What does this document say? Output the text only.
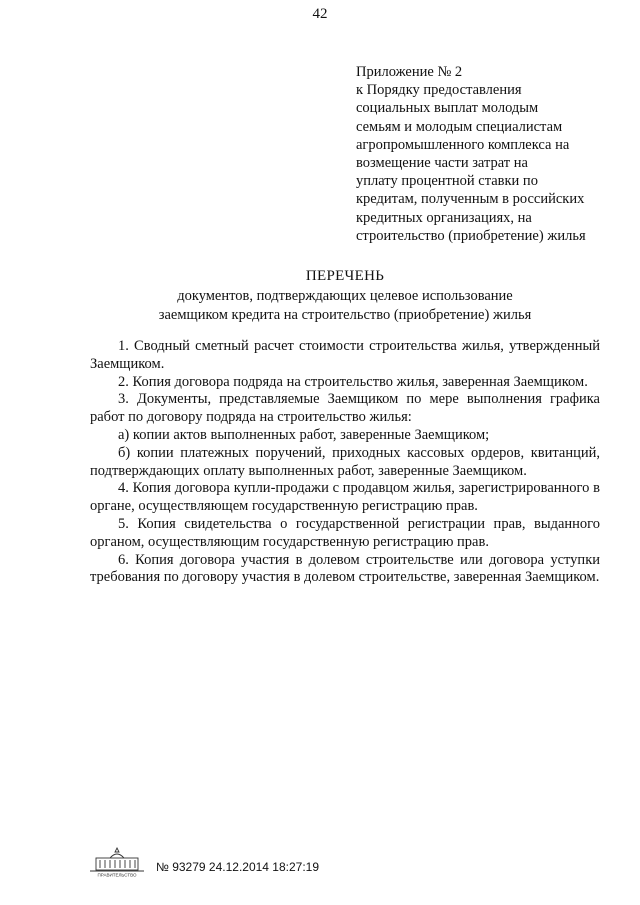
42
Приложение № 2
к Порядку предоставления
социальных выплат молодым
семьям и молодым специалистам
агропромышленного комплекса на
возмещение части затрат на
уплату процентной ставки по
кредитам, полученным в российских
кредитных организациях, на
строительство (приобретение) жилья
ПЕРЕЧЕНЬ
документов, подтверждающих целевое использование
заемщиком кредита на строительство (приобретение) жилья

1. Сводный сметный расчет стоимости строительства жилья, утвержденный Заемщиком.

2. Копия договора подряда на строительство жилья, заверенная Заемщиком.

3. Документы, представляемые Заемщиком по мере выполнения графика работ по договору подряда на строительство жилья:

а) копии актов выполненных работ, заверенные Заемщиком;

б) копии платежных поручений, приходных кассовых ордеров, квитанций, подтверждающих оплату выполненных работ, заверенные Заемщиком.

4. Копия договора купли-продажи с продавцом жилья, зарегистрированного в органе, осуществляющем государственную регистрацию прав.

5. Копия свидетельства о государственной регистрации прав, выданного органом, осуществляющим государственную регистрацию прав.

6. Копия договора участия в долевом строительстве или договора уступки требования по договору участия в долевом строительстве, заверенная Заемщиком.

ПРАВИТЕЛЬСТВО
№ 93279 24.12.2014 18:27:19
